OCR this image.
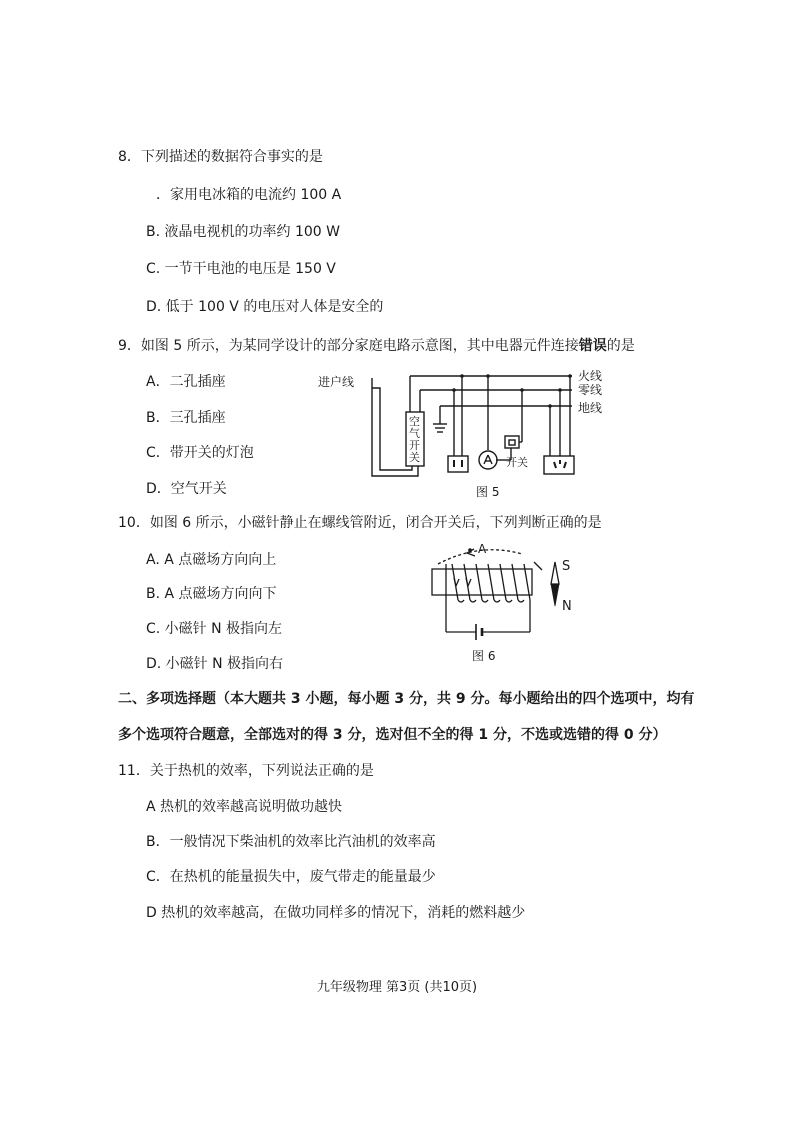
8．下列描述的数据符合事实的是
．家用电冰箱的电流约 100 A
B. 液晶电视机的功率约 100 W
C. 一节干电池的电压是 150 V
D. 低于 100 V 的电压对人体是安全的
9．如图 5 所示，为某同学设计的部分家庭电路示意图，其中电器元件连接错误的是
A．二孔插座
B．三孔插座
C．带开关的灯泡
D．空气开关
进户线	火线
零线
地线
空
气
开
关	开关
图 5
10．如图 6 所示，小磁针静止在螺线管附近，闭合开关后，下列判断正确的是
A. A 点磁场方向向上
B. A 点磁场方向向下
C. 小磁针 N 极指向左
D. 小磁针 N 极指向右
A
S
N
图 6
二、多项选择题（本大题共 3 小题，每小题 3 分，共 9 分。每小题给出的四个选项中，均有
多个选项符合题意，全部选对的得 3 分，选对但不全的得 1 分，不选或选错的得 0 分）
11．关于热机的效率，下列说法正确的是
A 热机的效率越高说明做功越快
B．一般情况下柴油机的效率比汽油机的效率高
C．在热机的能量损失中，废气带走的能量最少
D 热机的效率越高，在做功同样多的情况下，消耗的燃料越少
九年级物理 第3页 (共10页)
